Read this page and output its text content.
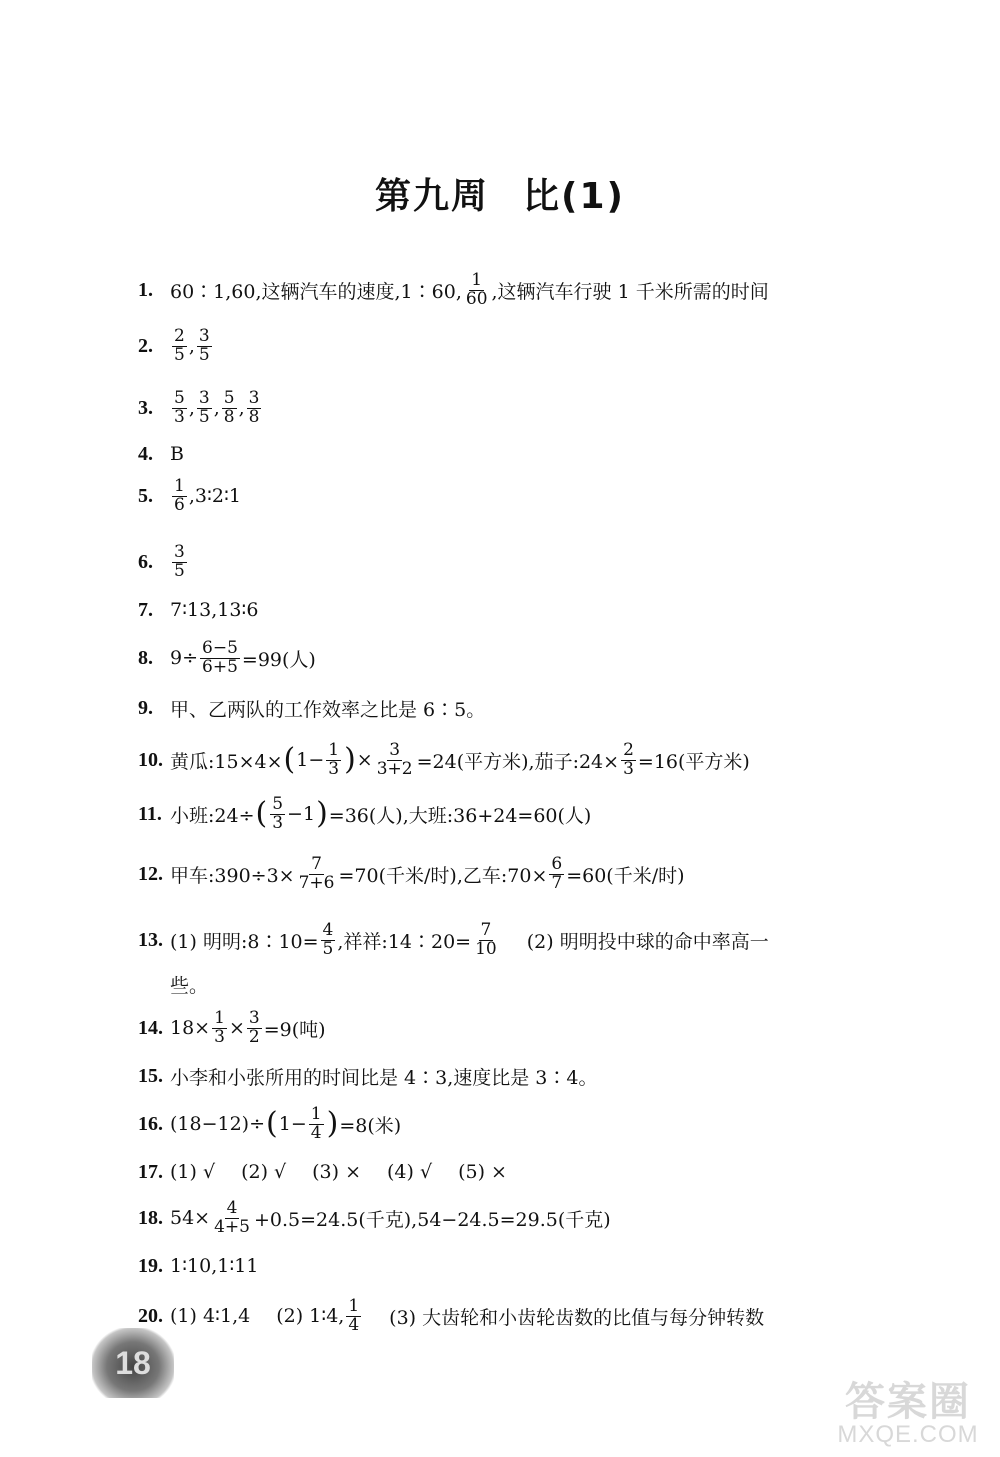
第九周 比(1)
1. 60∶1,60,这辆汽车的速度,1∶60, $\frac{1}{60}$ ,这辆汽车行驶 1 千米所需的时间
2.	$\frac{2}{5}$ , $\frac{3}{5}$
3.	$\frac{5}{3}$ , $\frac{3}{5}$ , $\frac{5}{8}$ , $\frac{3}{8}$
4. B
5.	$\frac{1}{6}$ ,3∶2∶1
6.	$\frac{3}{5}$
7. 7∶13,13∶6
8. $9\div \frac{6-5}{6+5} =99$(人)
9. 甲、乙两队的工作效率之比是 6∶5。
10. 黄瓜:15×4× ( $1- \frac{1}{3}$ ) × $\frac{3}{3+2} =24$(平方米),茄子:24× $\frac{2}{3} =16$(平方米)
11. 小班:24÷ ( $\frac{5}{3} -1$ ) =36(人),大班:36+24=60(人)
12. 甲车:390÷3× $\frac{7}{7+6} =70$(千米/时),乙车:70× $\frac{6}{7} =60$(千米/时)
13. (1) 明明:8∶10= $\frac{4}{5}$ ,祥祥:14∶20= $\frac{7}{10} (2)$ 明明投中球的命中率高一
些。
14. $18\times \frac{1}{3} \times \frac{3}{2} =9$(吨)
15. 小李和小张所用的时间比是 4∶3,速度比是 3∶4。
16. (18−12)÷ ( $1- \frac{1}{4}$ ) =8(米)
17. (1) √ (2) √ (3) × (4) √ (5) ×
18. $54\times \frac{4}{4+5} +0.5=24.5$(千克),54−24.5=29.5(千克)
19. 1∶10,1∶11
20. (1) 4∶1,4 (2) 1∶4, $\frac{1}{4} (3)$ 大齿轮和小齿轮齿数的比值与每分钟转数
18
答案圈
MXQE.COM
